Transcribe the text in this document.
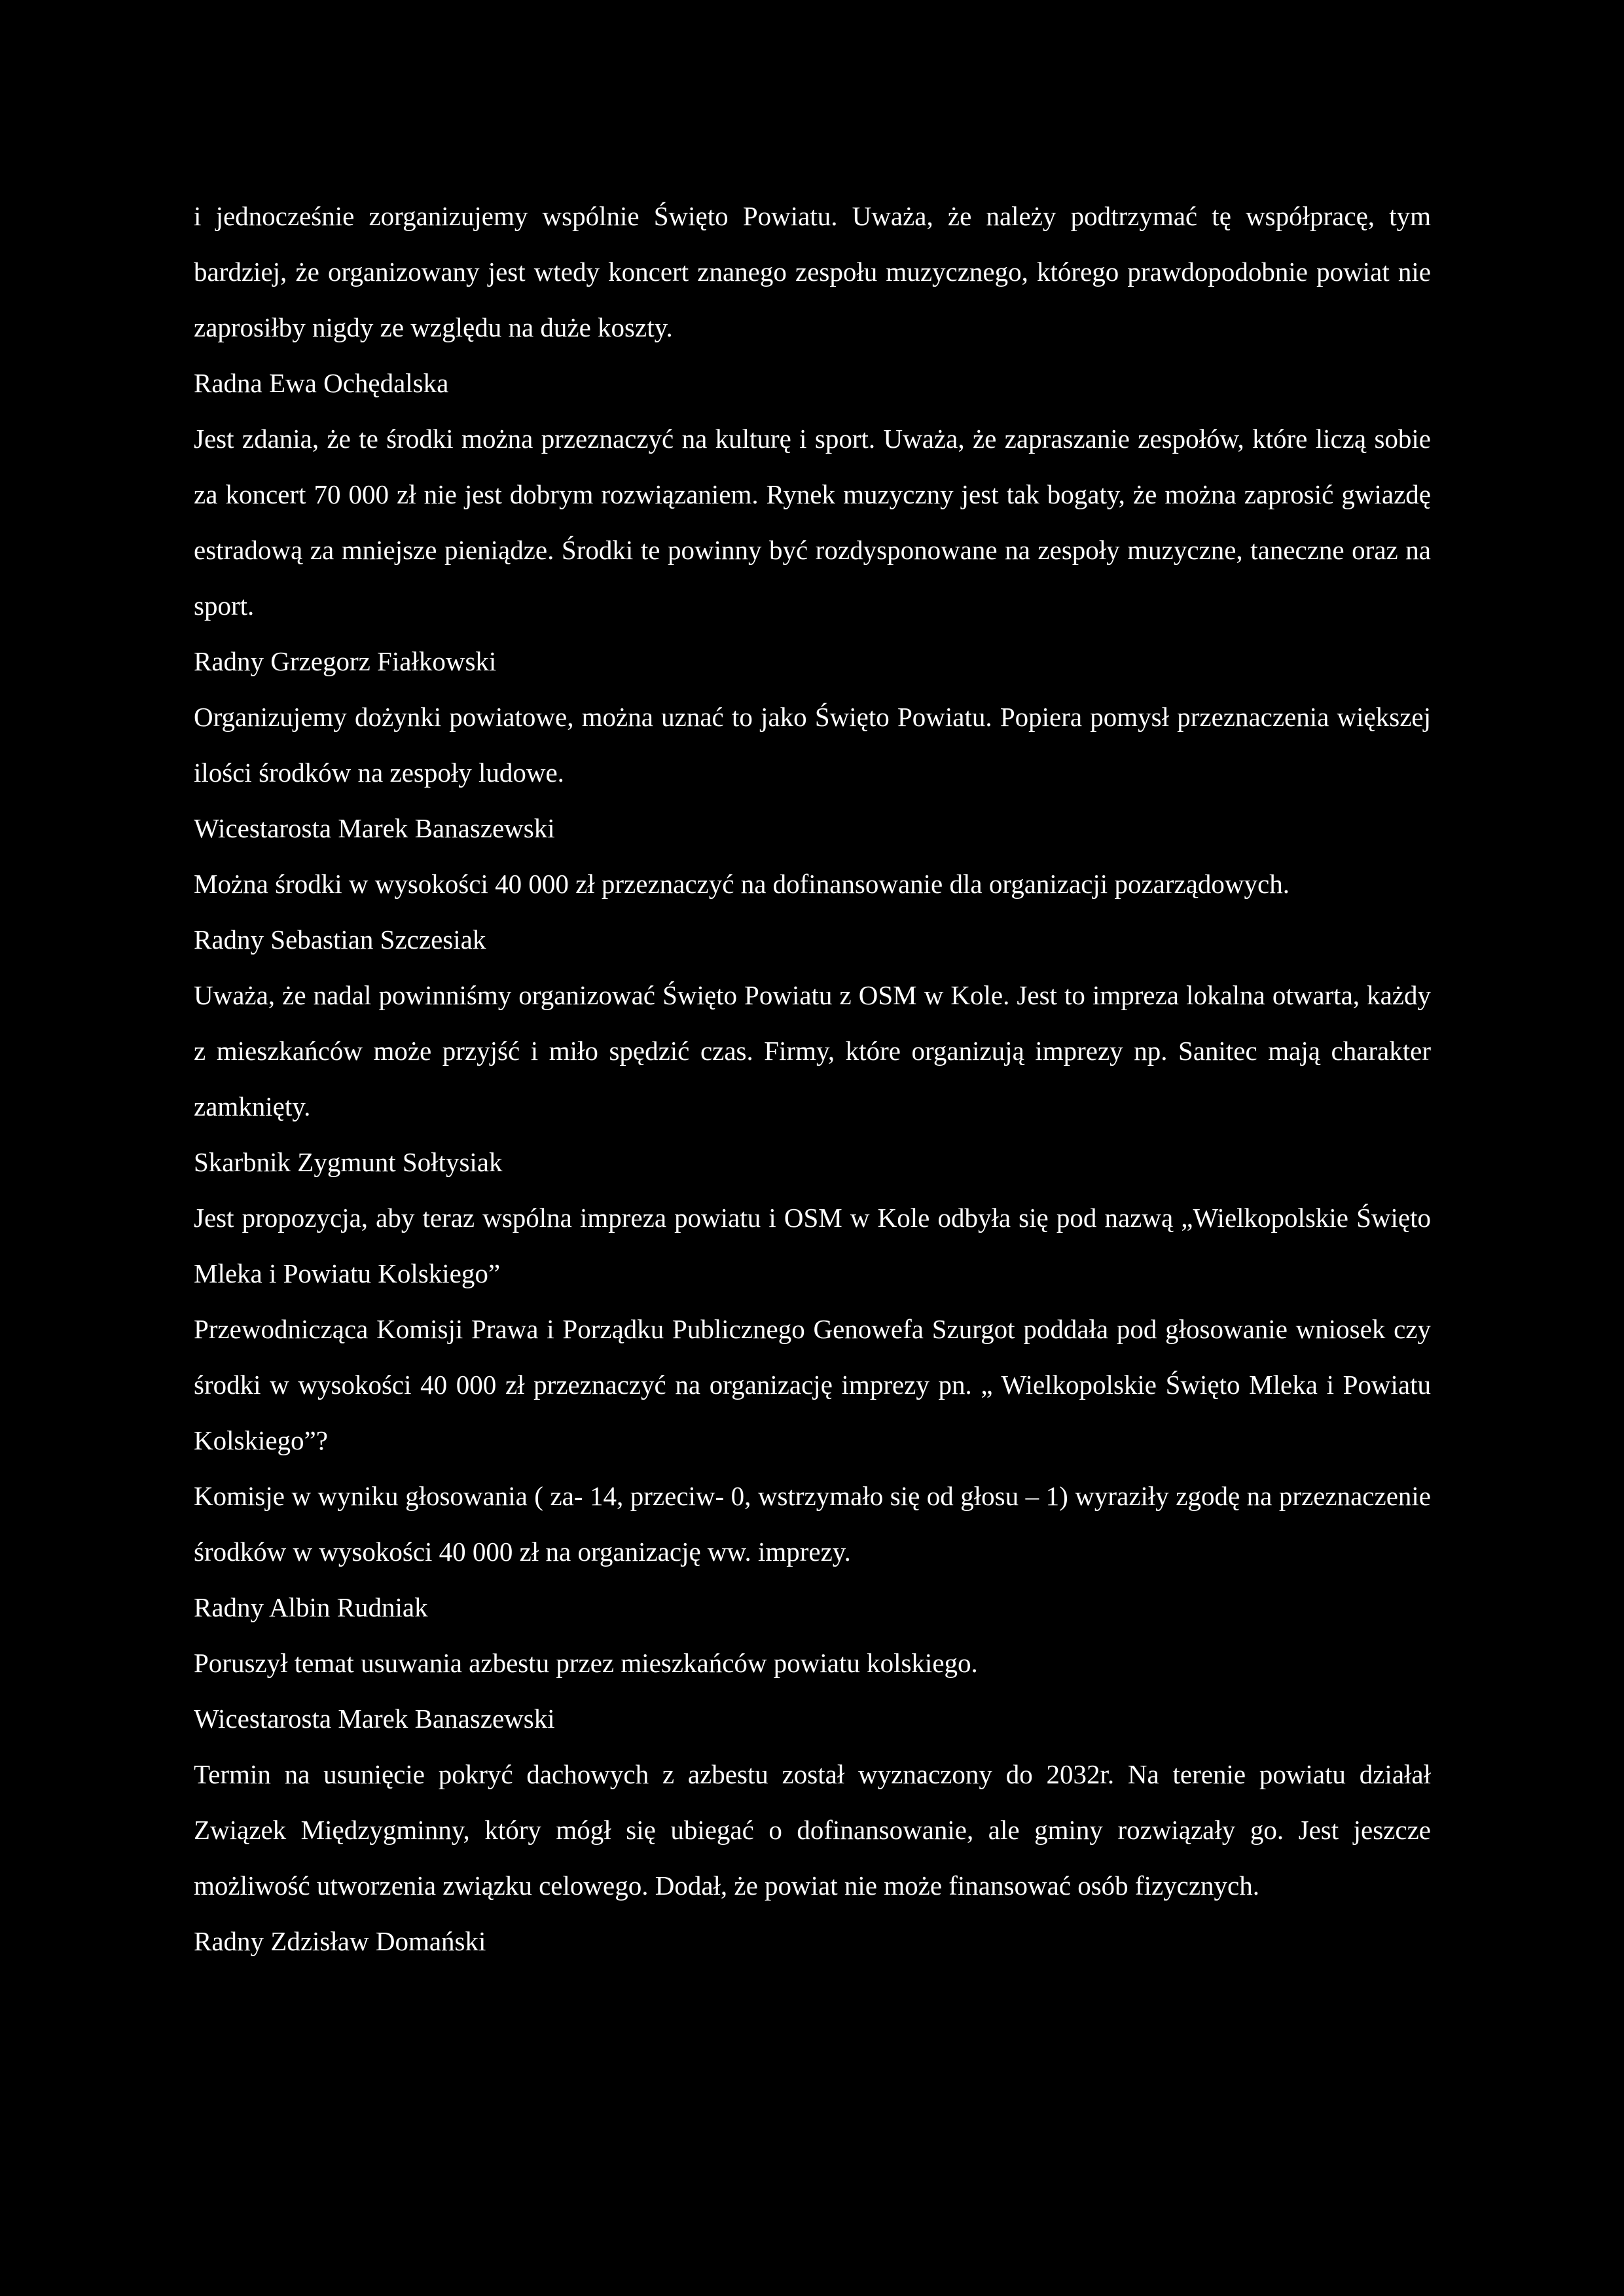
i jednocześnie zorganizujemy wspólnie Święto Powiatu. Uważa, że należy podtrzymać tę współpracę, tym bardziej, że organizowany jest wtedy koncert znanego zespołu muzycznego, którego prawdopodobnie powiat nie zaprosiłby nigdy ze względu na duże koszty.

Radna Ewa Ochędalska

Jest zdania, że te środki można przeznaczyć na kulturę i sport. Uważa, że zapraszanie zespołów, które liczą sobie za koncert 70 000 zł nie jest dobrym rozwiązaniem. Rynek muzyczny jest tak bogaty, że można zaprosić gwiazdę estradową za mniejsze pieniądze. Środki te powinny być rozdysponowane na zespoły muzyczne, taneczne oraz na sport.

Radny Grzegorz Fiałkowski

Organizujemy dożynki powiatowe, można uznać to jako Święto Powiatu. Popiera pomysł przeznaczenia większej ilości środków na zespoły ludowe.

Wicestarosta Marek Banaszewski

Można środki w wysokości 40 000 zł przeznaczyć na dofinansowanie dla organizacji pozarządowych.

Radny Sebastian Szczesiak

Uważa, że nadal powinniśmy organizować Święto Powiatu z OSM w Kole. Jest to impreza lokalna otwarta, każdy z mieszkańców może przyjść i miło spędzić czas. Firmy, które organizują imprezy np. Sanitec mają charakter zamknięty.

Skarbnik Zygmunt Sołtysiak

Jest propozycja, aby teraz wspólna impreza powiatu i OSM w Kole odbyła się pod nazwą „Wielkopolskie Święto Mleka i Powiatu Kolskiego”

Przewodnicząca Komisji Prawa i Porządku Publicznego Genowefa Szurgot poddała pod głosowanie wniosek czy środki w wysokości 40 000 zł przeznaczyć na organizację imprezy pn. „ Wielkopolskie Święto Mleka i Powiatu Kolskiego”?

Komisje w wyniku głosowania ( za- 14, przeciw- 0, wstrzymało się od głosu – 1) wyraziły zgodę na przeznaczenie środków w wysokości 40 000 zł na organizację ww. imprezy.

Radny Albin Rudniak

Poruszył temat usuwania azbestu przez mieszkańców powiatu kolskiego.

Wicestarosta Marek Banaszewski

Termin na usunięcie pokryć dachowych z azbestu został wyznaczony do 2032r. Na terenie powiatu działał Związek Międzygminny, który mógł się ubiegać o dofinansowanie, ale gminy rozwiązały go. Jest jeszcze możliwość utworzenia związku celowego. Dodał, że powiat nie może finansować osób fizycznych.

Radny Zdzisław Domański
